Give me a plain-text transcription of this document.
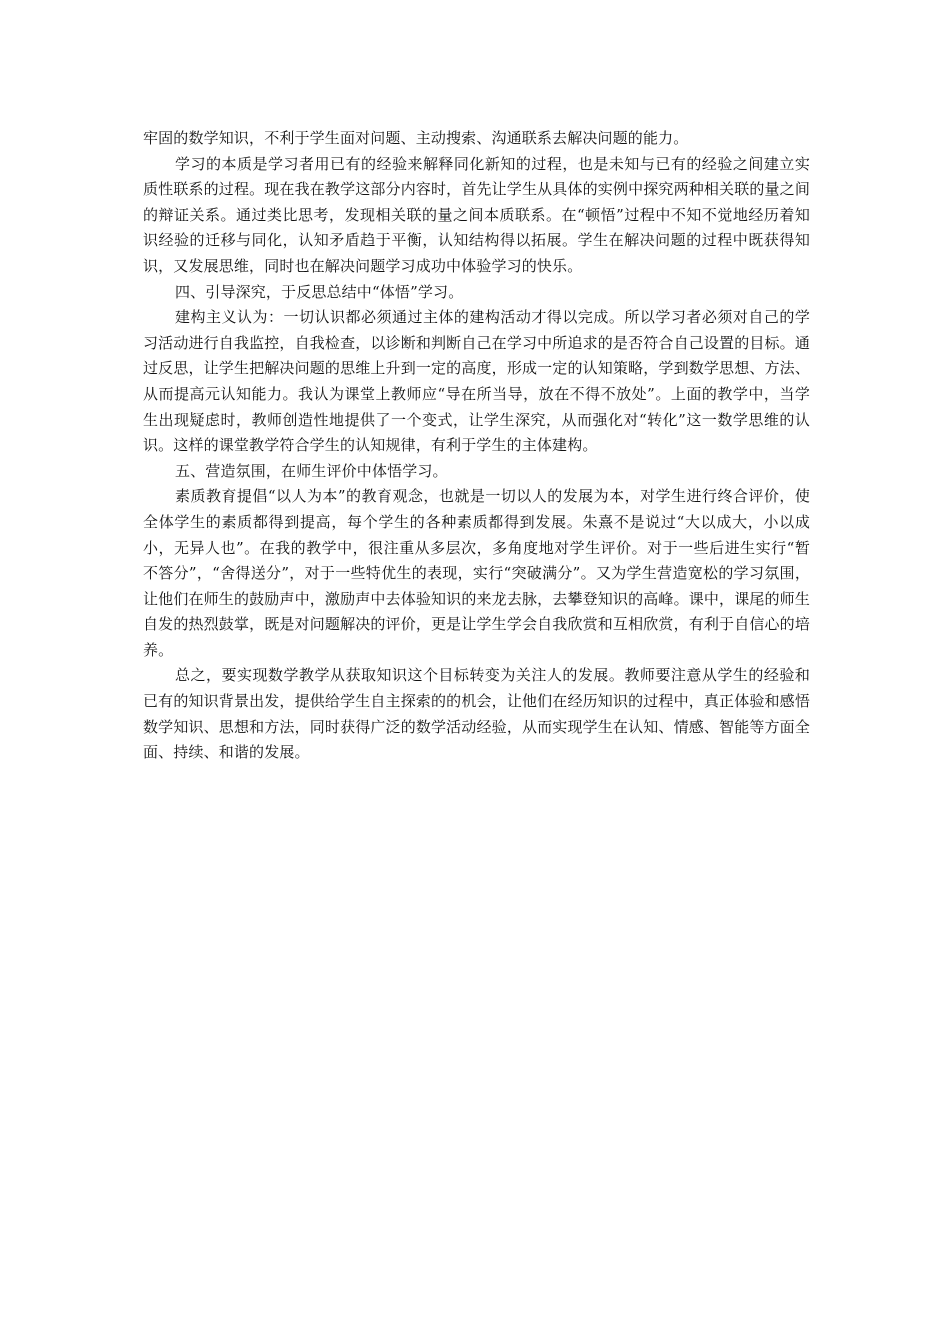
牢固的数学知识，不利于学生面对问题、主动搜索、沟通联系去解决问题的能力。

学习的本质是学习者用已有的经验来解释同化新知的过程，也是未知与已有的经验之间建立实质性联系的过程。现在我在教学这部分内容时，首先让学生从具体的实例中探究两种相关联的量之间的辩证关系。通过类比思考，发现相关联的量之间本质联系。在“顿悟”过程中不知不觉地经历着知识经验的迁移与同化，认知矛盾趋于平衡，认知结构得以拓展。学生在解决问题的过程中既获得知识，又发展思维，同时也在解决问题学习成功中体验学习的快乐。

四、引导深究，于反思总结中“体悟”学习。

建构主义认为：一切认识都必须通过主体的建构活动才得以完成。所以学习者必须对自己的学习活动进行自我监控，自我检查，以诊断和判断自己在学习中所追求的是否符合自己设置的目标。通过反思，让学生把解决问题的思维上升到一定的高度，形成一定的认知策略，学到数学思想、方法、从而提高元认知能力。我认为课堂上教师应“导在所当导，放在不得不放处”。上面的教学中，当学生出现疑虑时，教师创造性地提供了一个变式，让学生深究，从而强化对“转化”这一数学思维的认识。这样的课堂教学符合学生的认知规律，有利于学生的主体建构。

五、营造氛围，在师生评价中体悟学习。

素质教育提倡“以人为本”的教育观念，也就是一切以人的发展为本，对学生进行终合评价，使全体学生的素质都得到提高，每个学生的各种素质都得到发展。朱熹不是说过“大以成大，小以成小，无异人也”。在我的教学中，很注重从多层次，多角度地对学生评价。对于一些后进生实行“暂不答分”，“舍得送分”，对于一些特优生的表现，实行“突破满分”。又为学生营造宽松的学习氛围，让他们在师生的鼓励声中，激励声中去体验知识的来龙去脉，去攀登知识的高峰。课中，课尾的师生自发的热烈鼓掌，既是对问题解决的评价，更是让学生学会自我欣赏和互相欣赏，有利于自信心的培养。

总之，要实现数学教学从获取知识这个目标转变为关注人的发展。教师要注意从学生的经验和已有的知识背景出发，提供给学生自主探索的的机会，让他们在经历知识的过程中，真正体验和感悟数学知识、思想和方法，同时获得广泛的数学活动经验，从而实现学生在认知、情感、智能等方面全面、持续、和谐的发展。
